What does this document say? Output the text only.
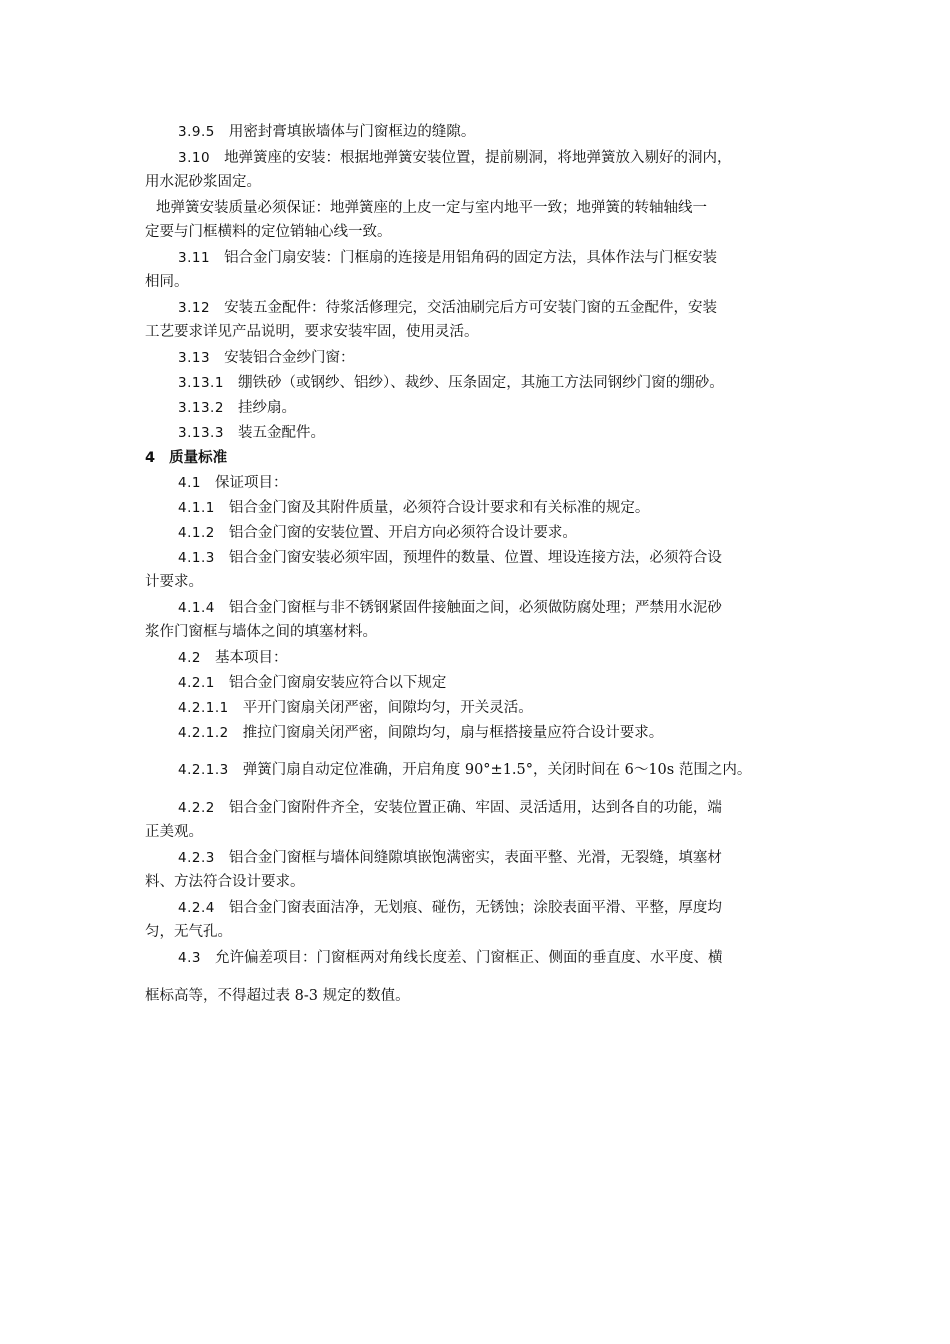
3.9.5 用密封膏填嵌墙体与门窗框边的缝隙。
3.10 地弹簧座的安装：根据地弹簧安装位置，提前剔洞，将地弹簧放入剔好的洞内，
用水泥砂浆固定。
地弹簧安装质量必须保证：地弹簧座的上皮一定与室内地平一致；地弹簧的转轴轴线一
定要与门框横料的定位销轴心线一致。
3.11 铝合金门扇安装：门框扇的连接是用铝角码的固定方法，具体作法与门框安装
相同。
3.12 安装五金配件：待浆活修理完，交活油刷完后方可安装门窗的五金配件，安装
工艺要求详见产品说明，要求安装牢固，使用灵活。
3.13 安装铝合金纱门窗：
3.13.1 绷铁砂（或钢纱、铝纱）、裁纱、压条固定，其施工方法同钢纱门窗的绷砂。
3.13.2 挂纱扇。
3.13.3 装五金配件。
4 质量标准
4.1 保证项目：
4.1.1 铝合金门窗及其附件质量，必须符合设计要求和有关标准的规定。
4.1.2 铝合金门窗的安装位置、开启方向必须符合设计要求。
4.1.3 铝合金门窗安装必须牢固，预埋件的数量、位置、埋设连接方法，必须符合设
计要求。
4.1.4 铝合金门窗框与非不锈钢紧固件接触面之间，必须做防腐处理；严禁用水泥砂
浆作门窗框与墙体之间的填塞材料。
4.2 基本项目：
4.2.1 铝合金门窗扇安装应符合以下规定
4.2.1.1 平开门窗扇关闭严密，间隙均匀，开关灵活。
4.2.1.2 推拉门窗扇关闭严密，间隙均匀，扇与框搭接量应符合设计要求。
4.2.1.3 弹簧门扇自动定位准确，开启角度 90°±1.5°，关闭时间在 6～10s 范围之内。
4.2.2 铝合金门窗附件齐全，安装位置正确、牢固、灵活适用，达到各自的功能，端
正美观。
4.2.3 铝合金门窗框与墙体间缝隙填嵌饱满密实，表面平整、光滑，无裂缝，填塞材
料、方法符合设计要求。
4.2.4 铝合金门窗表面洁净，无划痕、碰伤，无锈蚀；涂胶表面平滑、平整，厚度均
匀，无气孔。
4.3 允许偏差项目：门窗框两对角线长度差、门窗框正、侧面的垂直度、水平度、横
框标高等，不得超过表 8-3 规定的数值。
